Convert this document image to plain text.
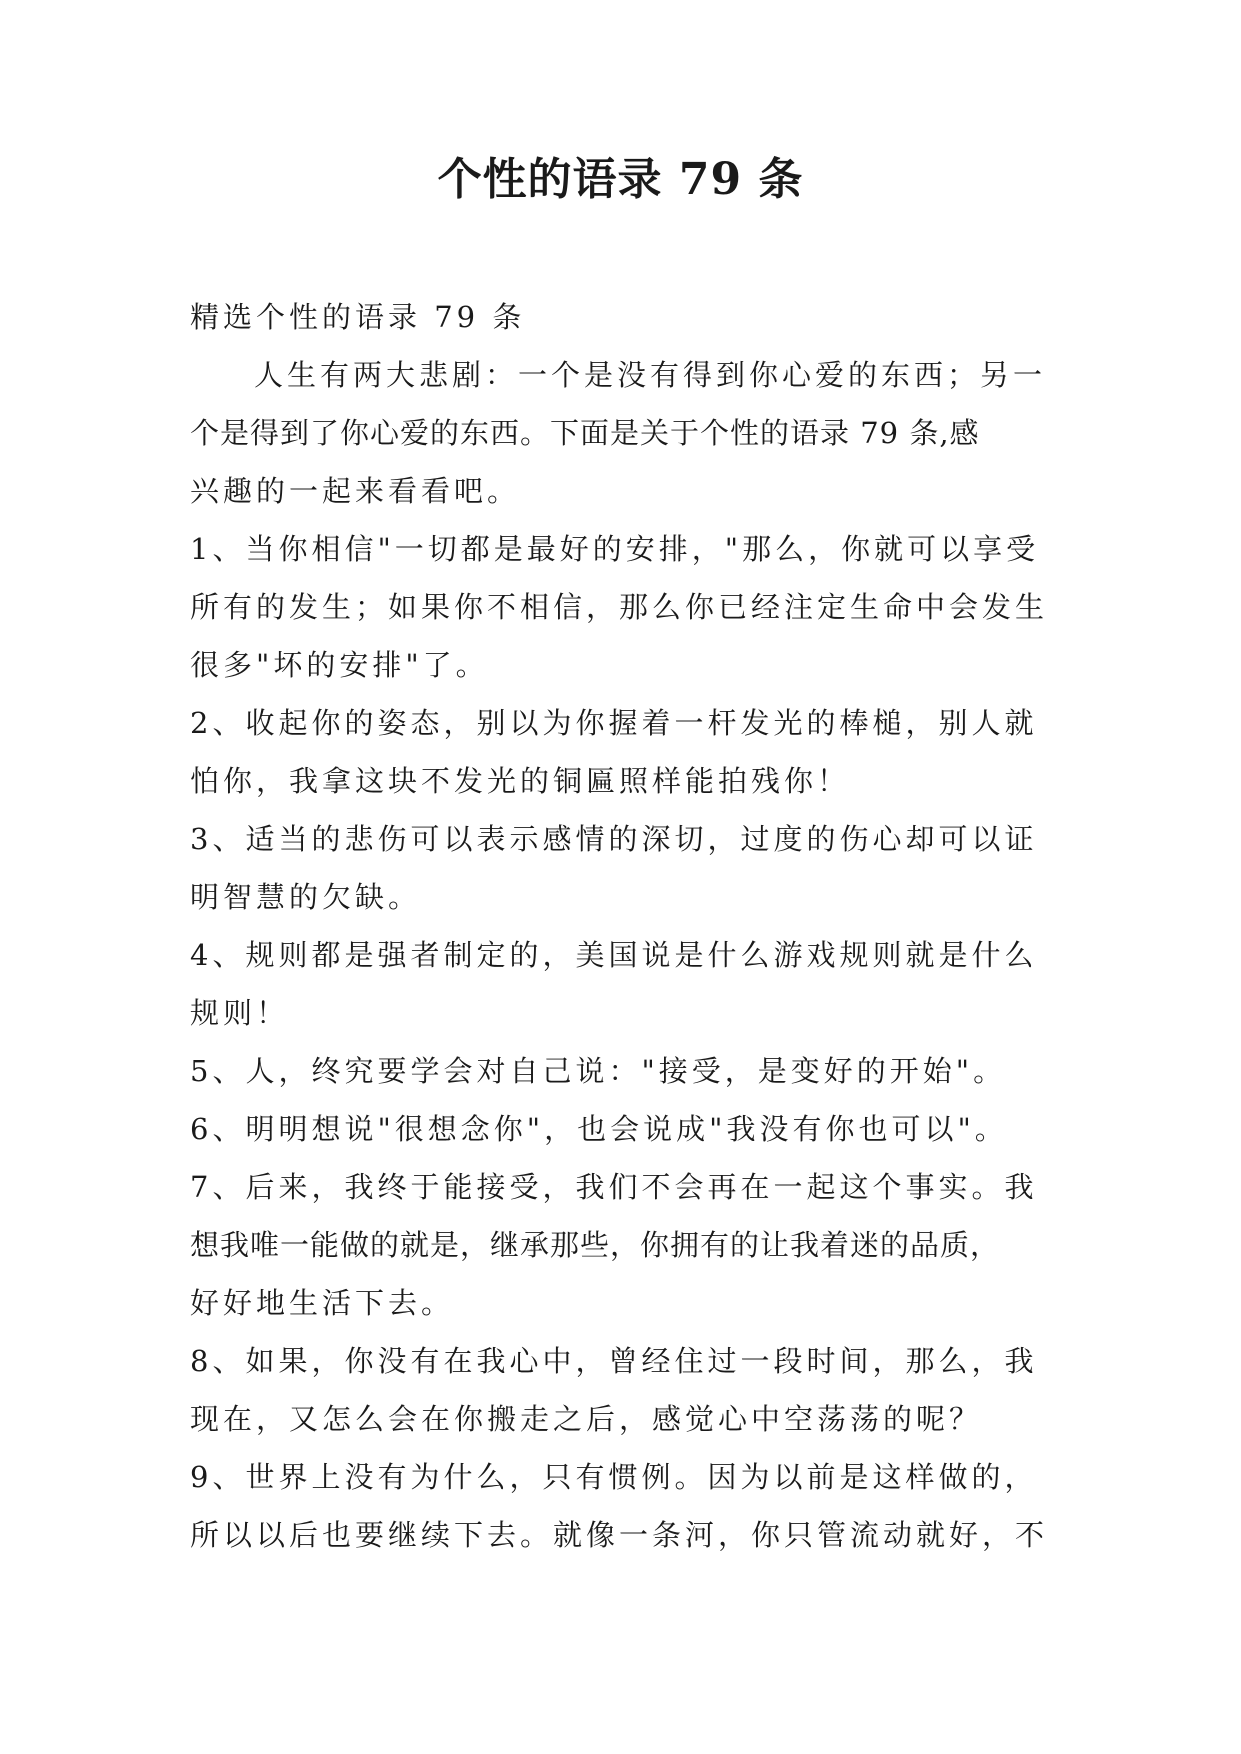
个性的语录 79 条
精选个性的语录 79 条
人生有两大悲剧：一个是没有得到你心爱的东西；另一
个是得到了你心爱的东西。下面是关于个性的语录 79 条,感
兴趣的一起来看看吧。
1、当你相信"一切都是最好的安排，"那么，你就可以享受
所有的发生；如果你不相信，那么你已经注定生命中会发生
很多"坏的安排"了。
2、收起你的姿态，别以为你握着一杆发光的棒槌，别人就
怕你，我拿这块不发光的铜匾照样能拍残你！
3、适当的悲伤可以表示感情的深切，过度的伤心却可以证
明智慧的欠缺。
4、规则都是强者制定的，美国说是什么游戏规则就是什么
规则！
5、人，终究要学会对自己说："接受，是变好的开始"。
6、明明想说"很想念你"，也会说成"我没有你也可以"。
7、后来，我终于能接受，我们不会再在一起这个事实。我
想我唯一能做的就是，继承那些，你拥有的让我着迷的品质，
好好地生活下去。
8、如果，你没有在我心中，曾经住过一段时间，那么，我
现在，又怎么会在你搬走之后，感觉心中空荡荡的呢？
9、世界上没有为什么，只有惯例。因为以前是这样做的，
所以以后也要继续下去。就像一条河，你只管流动就好，不
